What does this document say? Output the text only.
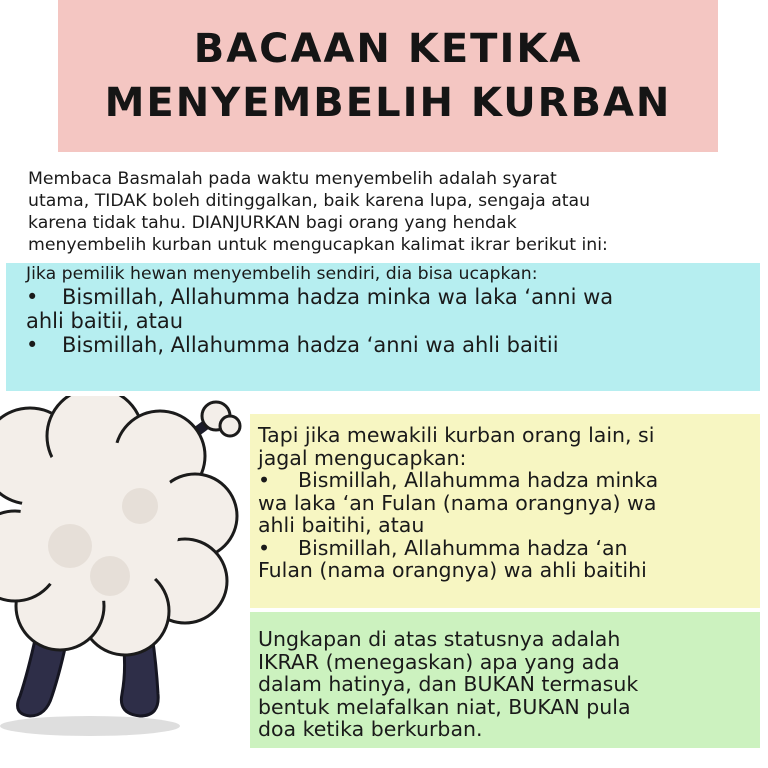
BACAAN KETIKA
MENYEMBELIH KURBAN
Membaca Basmalah pada waktu menyembelih adalah syarat
utama, TIDAK boleh ditinggalkan, baik karena lupa, sengaja atau
karena tidak tahu. DIANJURKAN bagi orang yang hendak
menyembelih kurban untuk mengucapkan kalimat ikrar berikut ini:
Jika pemilik hewan menyembelih sendiri, dia bisa ucapkan:
• Bismillah, Allahumma hadza minka wa laka ‘anni wa
ahli baitii, atau
• Bismillah, Allahumma hadza ‘anni wa ahli baitii
Tapi jika mewakili kurban orang lain, si
jagal mengucapkan:
• Bismillah, Allahumma hadza minka
wa laka ‘an Fulan (nama orangnya) wa
ahli baitihi, atau
• Bismillah, Allahumma hadza ‘an
Fulan (nama orangnya) wa ahli baitihi
Ungkapan di atas statusnya adalah
IKRAR (menegaskan) apa yang ada
dalam hatinya, dan BUKAN termasuk
bentuk melafalkan niat, BUKAN pula
doa ketika berkurban.
